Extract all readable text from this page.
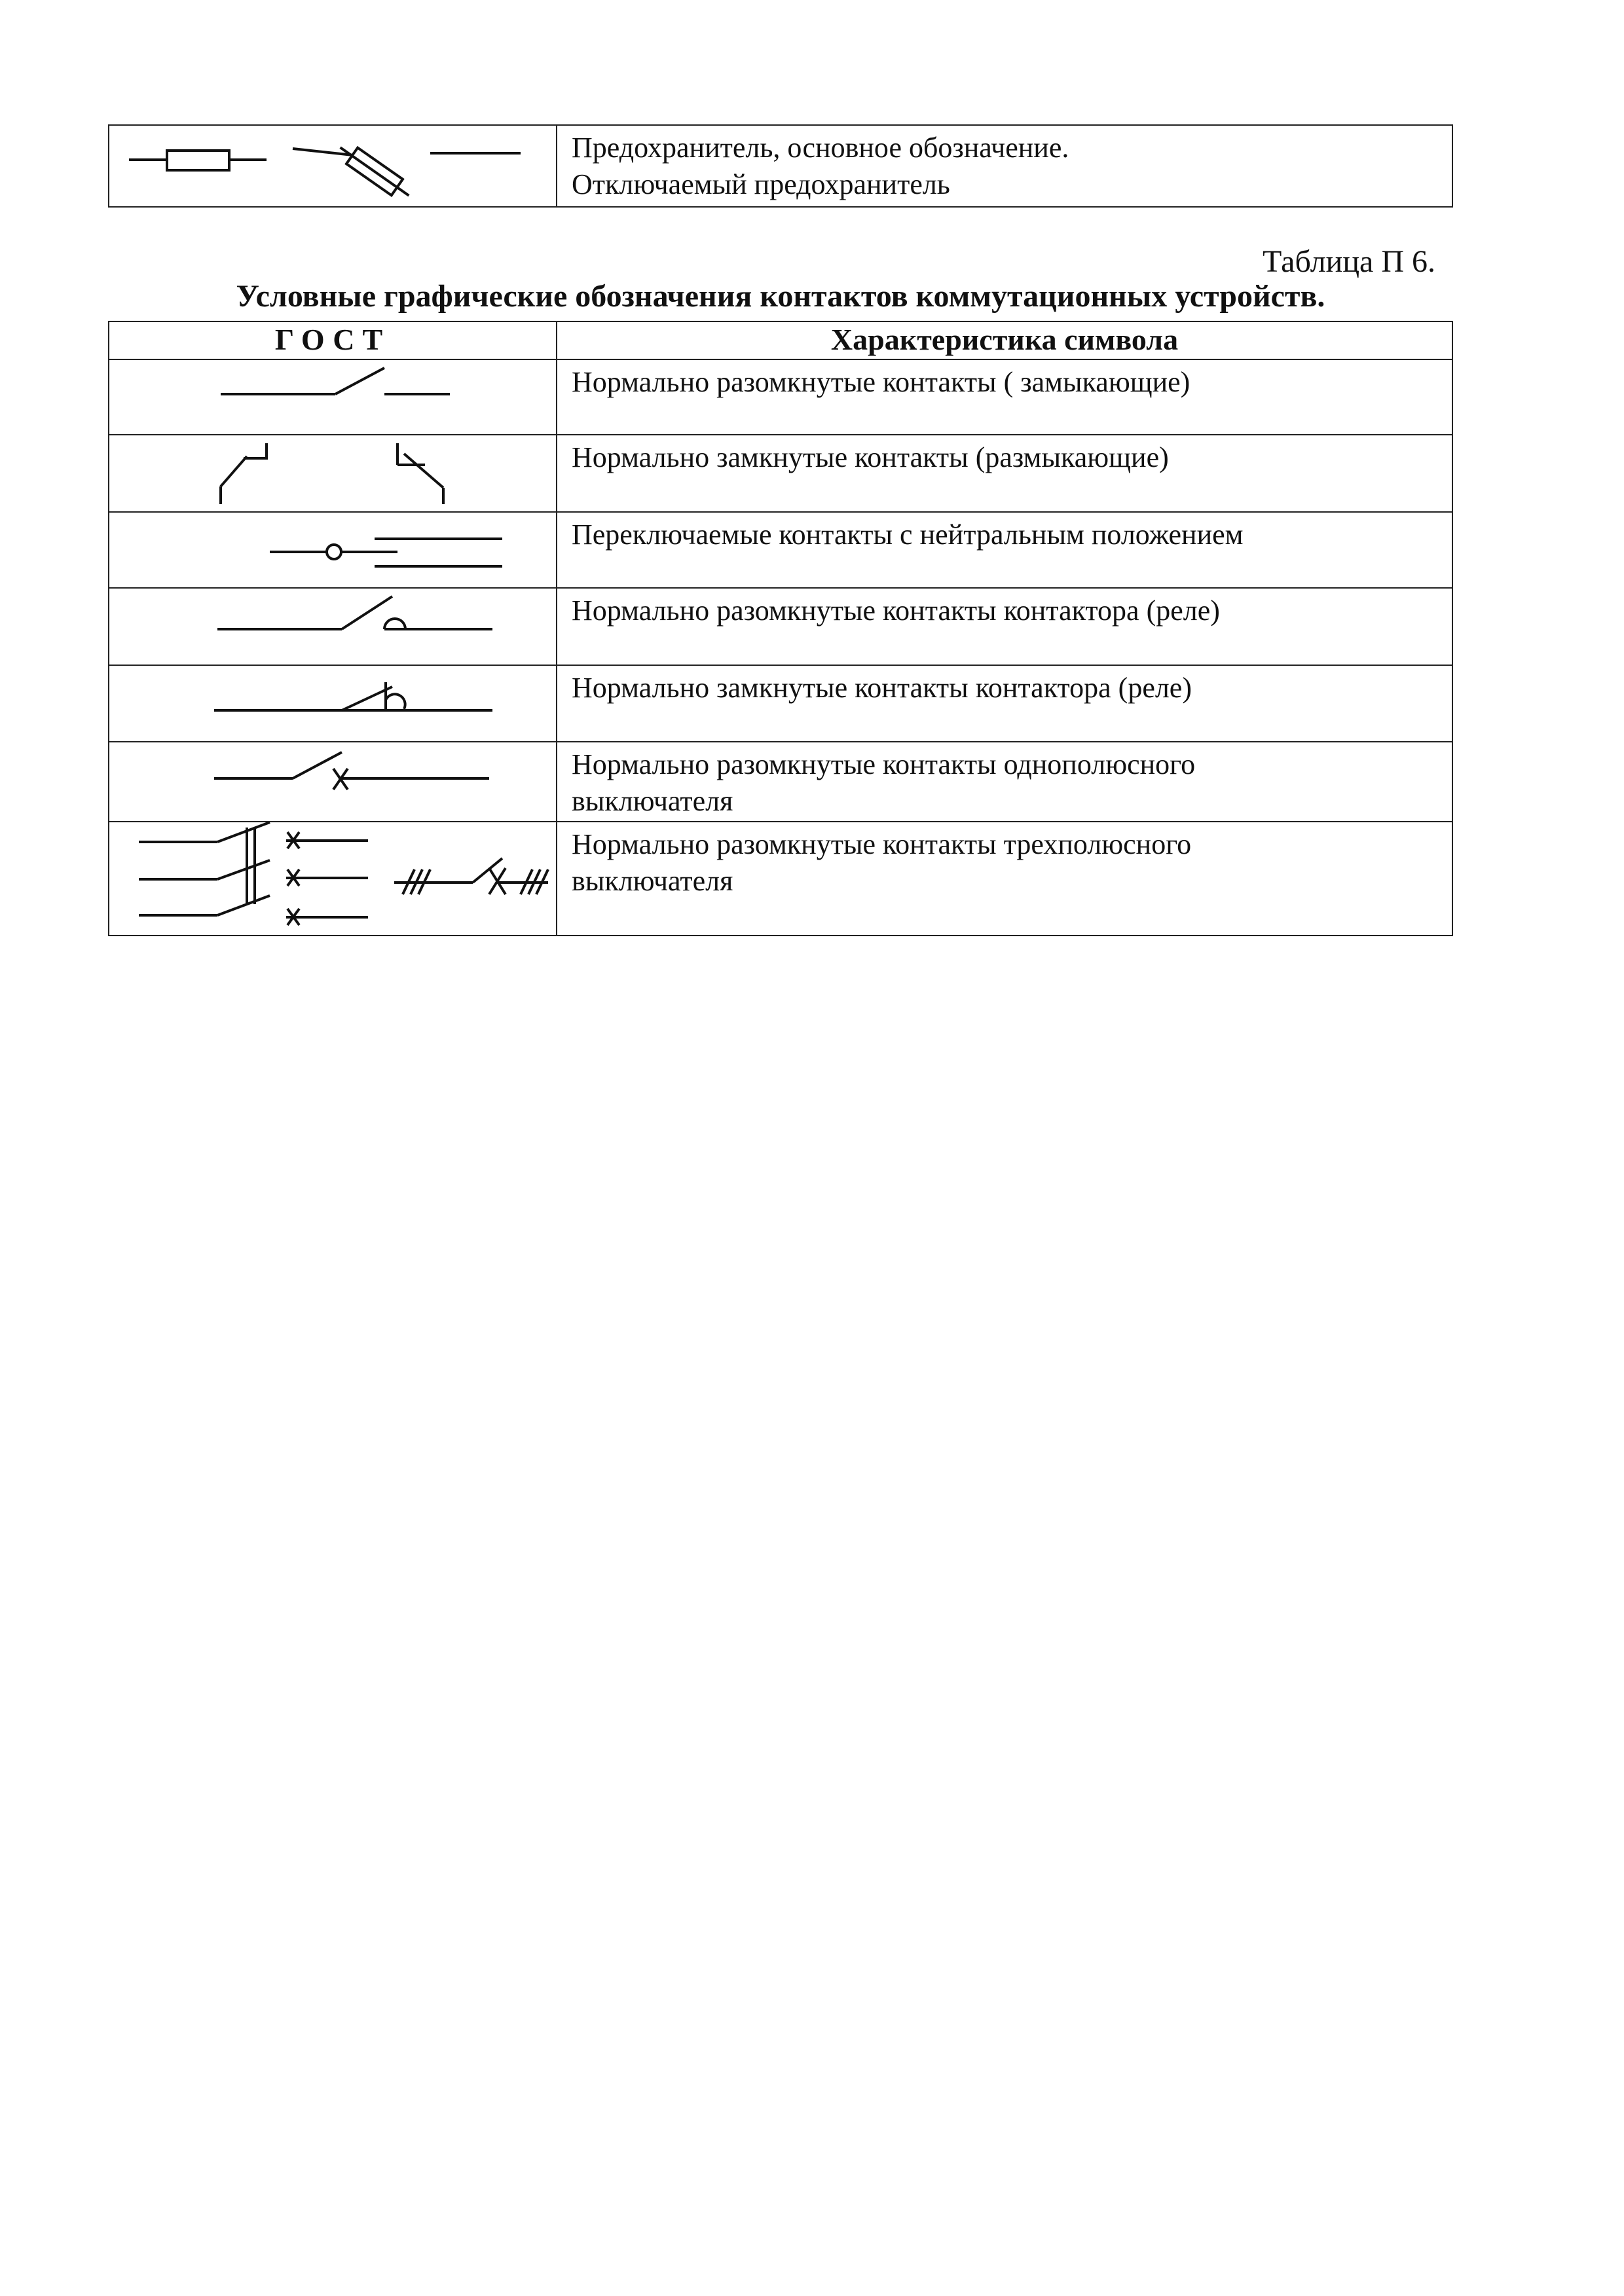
Предохранитель, основное обозначение.
Отключаемый предохранитель
Таблица П 6.
Условные графические обозначения контактов коммутационных устройств.
ГОСТ	Характеристика символа

Нормально разомкнутые контакты ( замыкающие)

Нормально замкнутые контакты (размыкающие)

Переключаемые контакты с нейтральным положением

Нормально разомкнутые контакты контактора (реле)

Нормально замкнутые контакты контактора (реле)

Нормально разомкнутые контакты однополюсного
выключателя

Нормально разомкнутые контакты трехполюсного
выключателя
